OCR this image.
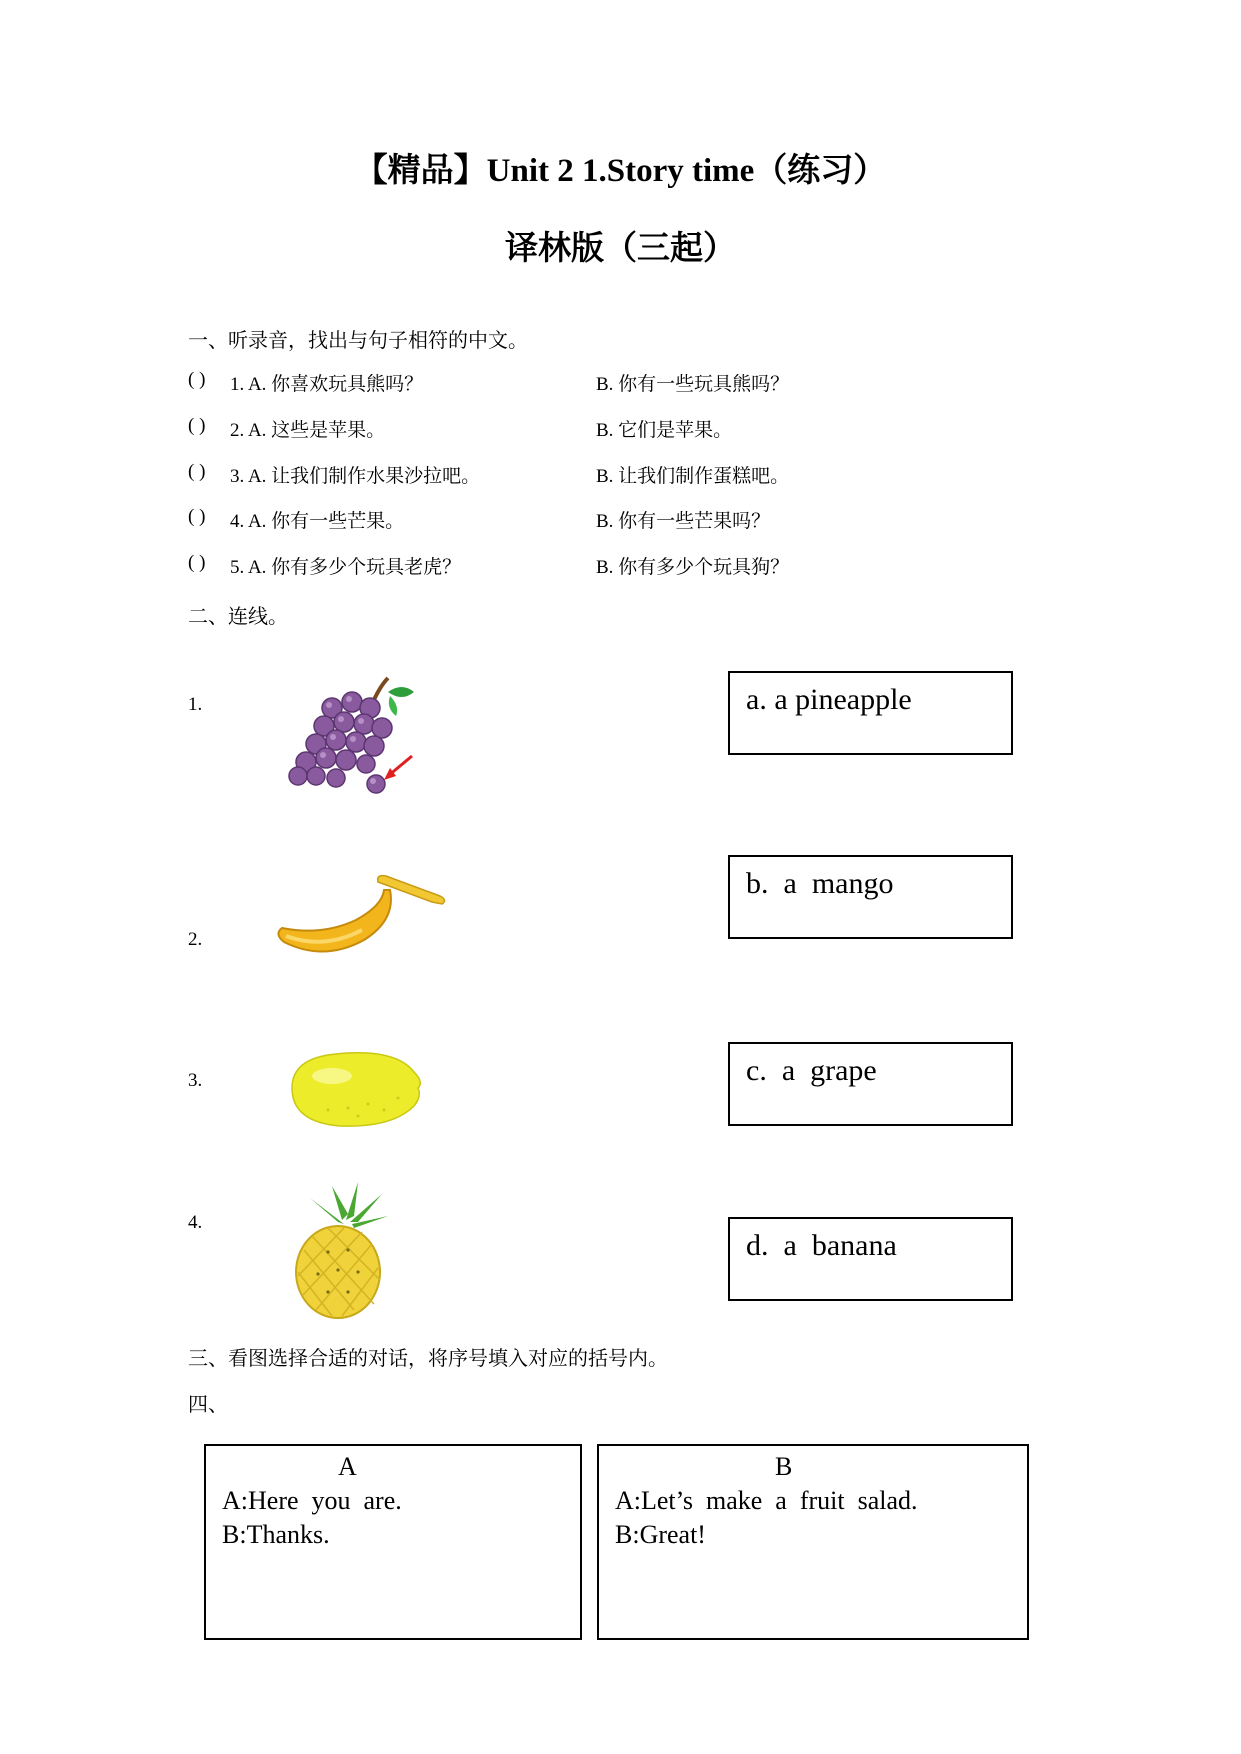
【精品】Unit 2 1.Story time（练习）
译林版（三起）
一、听录音，找出与句子相符的中文。
( ) 1. A. 你喜欢玩具熊吗？	B. 你有一些玩具熊吗？
( ) 2. A. 这些是苹果。	B. 它们是苹果。
( ) 3. A. 让我们制作水果沙拉吧。	B. 让我们制作蛋糕吧。
( ) 4. A. 你有一些芒果。	B. 你有一些芒果吗？
( ) 5. A. 你有多少个玩具老虎？	B. 你有多少个玩具狗？
二、连线。
1.
2.
3.
4.
a. a pineapple
b.  a  mango
c.  a  grape
d.  a  banana
三、看图选择合适的对话，将序号填入对应的括号内。
四、
A
A:Here  you  are.
B:Thanks.
B
A:Let’s  make  a  fruit  salad.
B:Great!
